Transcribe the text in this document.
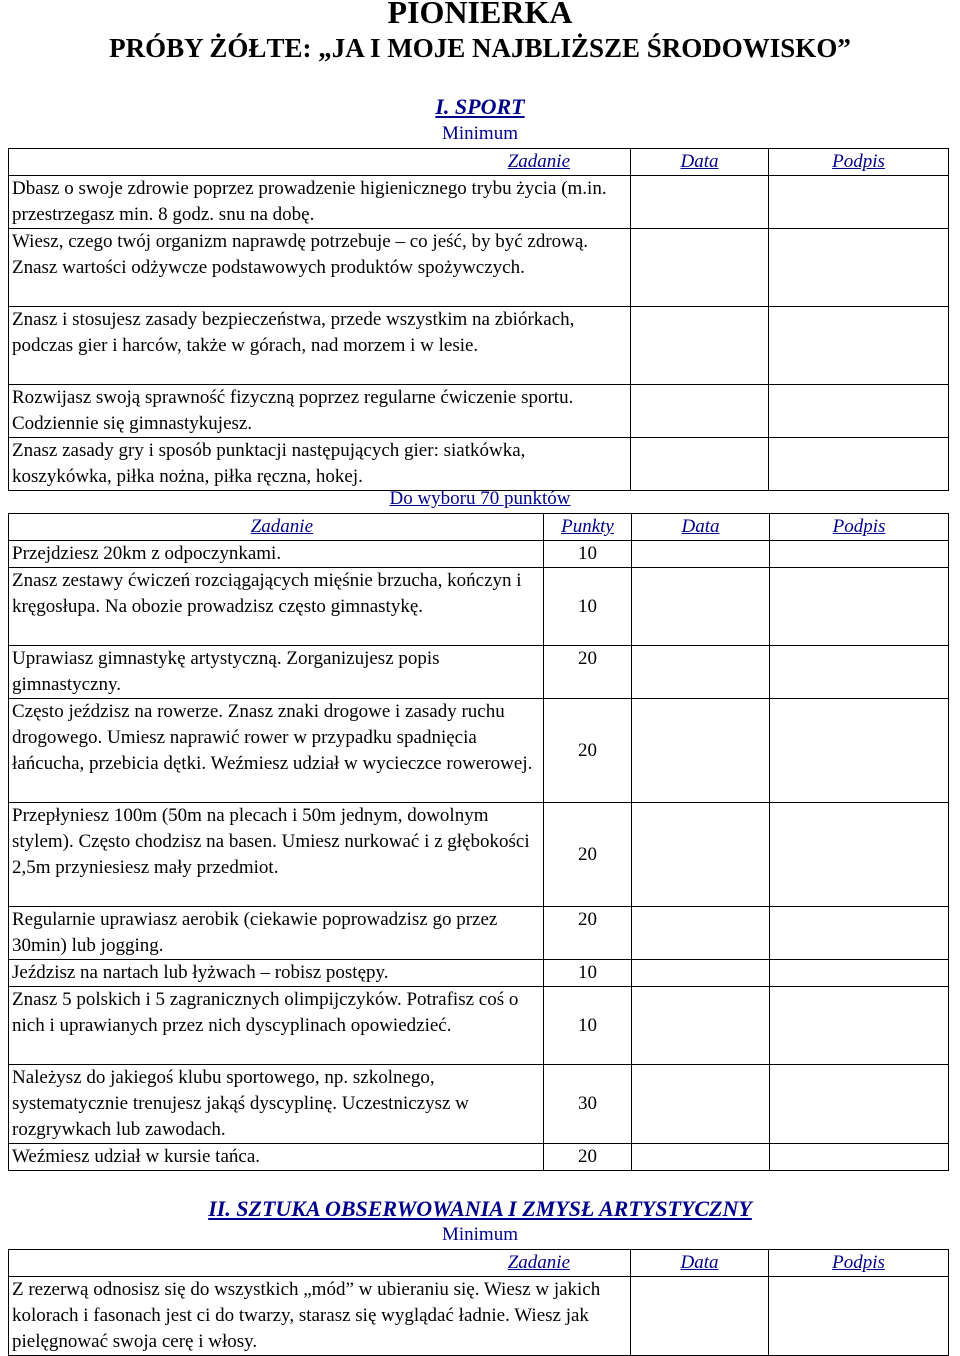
PIONIERKA
PRÓBY ŻÓŁTE: „JA I MOJE NAJBLIŻSZE ŚRODOWISKO”
I. SPORT
Minimum
Zadanie	Data	Podpis
Dbasz o swoje zdrowie poprzez prowadzenie higienicznego trybu życia (m.in. przestrzegasz min. 8 godz. snu na dobę.		
Wiesz, czego twój organizm naprawdę potrzebuje – co jeść, by być zdrową. Znasz wartości odżywcze podstawowych produktów spożywczych.		
Znasz i stosujesz zasady bezpieczeństwa, przede wszystkim na zbiórkach, podczas gier i harców, także w górach, nad morzem i w lesie.		
Rozwijasz swoją sprawność fizyczną poprzez regularne ćwiczenie sportu. Codziennie się gimnastykujesz.		
Znasz zasady gry i sposób punktacji następujących gier: siatkówka, koszykówka, piłka nożna, piłka ręczna, hokej.		
Do wyboru 70 punktów
Zadanie	Punkty	Data	Podpis
Przejdziesz 20km z odpoczynkami.	10		
Znasz zestawy ćwiczeń rozciągających mięśnie brzucha, kończyn i kręgosłupa. Na obozie prowadzisz często gimnastykę.	10		
Uprawiasz gimnastykę artystyczną. Zorganizujesz popis gimnastyczny.	20		
Często jeździsz na rowerze. Znasz znaki drogowe i zasady ruchu drogowego. Umiesz naprawić rower w przypadku spadnięcia łańcucha, przebicia dętki. Weźmiesz udział w wycieczce rowerowej.	20		
Przepłyniesz 100m (50m na plecach i 50m jednym, dowolnym stylem). Często chodzisz na basen. Umiesz nurkować i z głębokości 2,5m przyniesiesz mały przedmiot.	20		
Regularnie uprawiasz aerobik (ciekawie poprowadzisz go przez 30min) lub jogging.	20		
Jeździsz na nartach lub łyżwach – robisz postępy.	10		
Znasz 5 polskich i 5 zagranicznych olimpijczyków. Potrafisz coś o nich i uprawianych przez nich dyscyplinach opowiedzieć.	10		
Należysz do jakiegoś klubu sportowego, np. szkolnego, systematycznie trenujesz jakąś dyscyplinę. Uczestniczysz w rozgrywkach lub zawodach.	30		
Weźmiesz udział w kursie tańca.	20		
II. SZTUKA OBSERWOWANIA I ZMYSŁ ARTYSTYCZNY
Minimum
Zadanie	Data	Podpis
Z rezerwą odnosisz się do wszystkich „mód” w ubieraniu się. Wiesz w jakich kolorach i fasonach jest ci do twarzy, starasz się wyglądać ładnie. Wiesz jak pielęgnować swoja cerę i włosy.		
